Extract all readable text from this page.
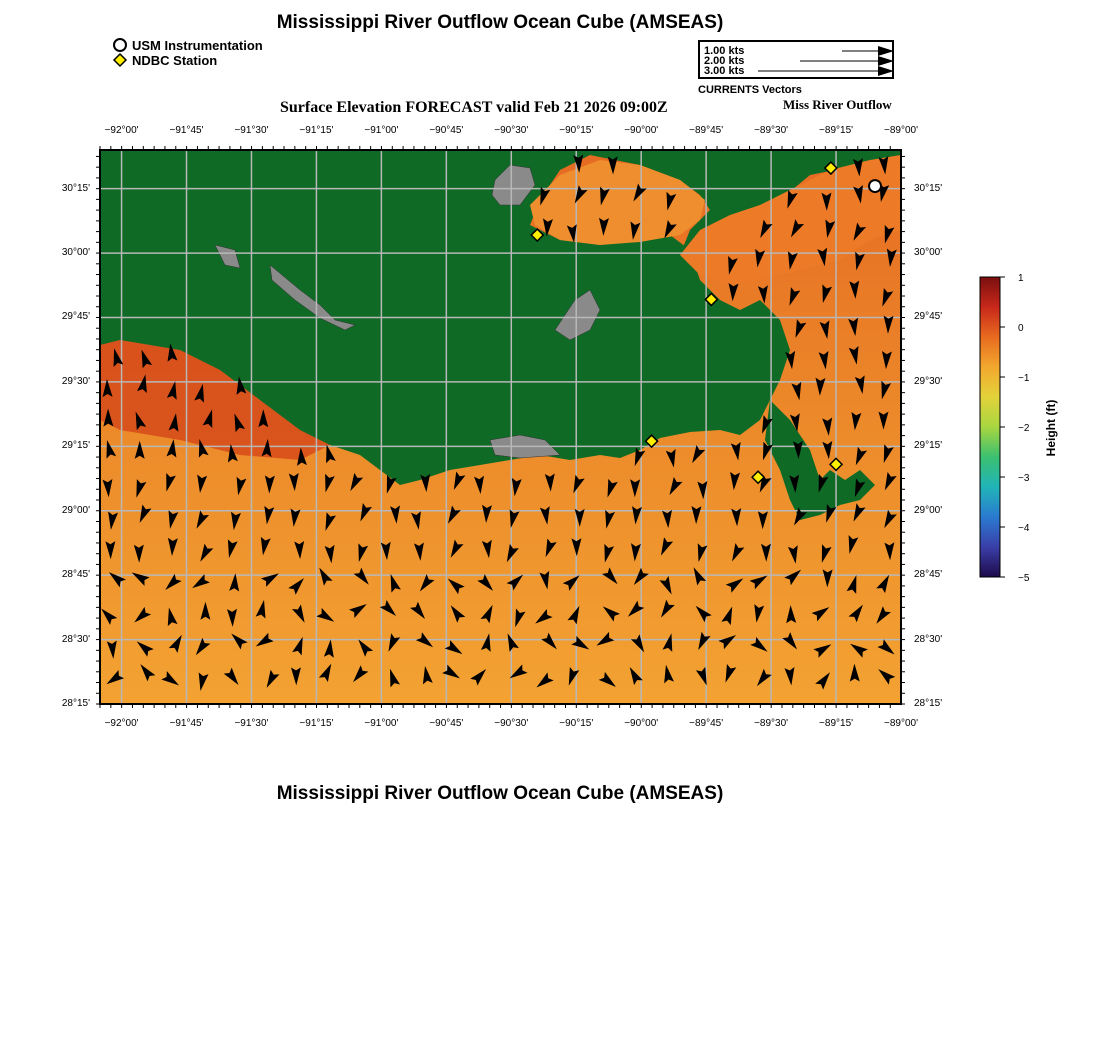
Mississippi River Outflow Ocean Cube (AMSEAS)
USM Instrumentation
NDBC Station
1.00 kts
2.00 kts
3.00 kts
CURRENTS Vectors
Surface Elevation FORECAST valid Feb 21 2026 09:00Z	Miss River Outflow
−92°00'	−91°45'	−91°30'	−91°15'	−91°00'	−90°45'	−90°30'	−90°15'	−90°00'	−89°45'	−89°30'	−89°15'	−89°00'
−92°00'	−91°45'	−91°30'	−91°15'	−91°00'	−90°45'	−90°30'	−90°15'	−90°00'	−89°45'	−89°30'	−89°15'	−89°00'
30°15'
30°00'
29°45'
29°30'
29°15'
29°00'
28°45'
28°30'
28°15'
30°15'
30°00'
29°45'
29°30'
29°15'
29°00'
28°45'
28°30'
28°15'
1
0
−1
−2
−3
−4
−5
Height (ft)
Mississippi River Outflow Ocean Cube (AMSEAS)
